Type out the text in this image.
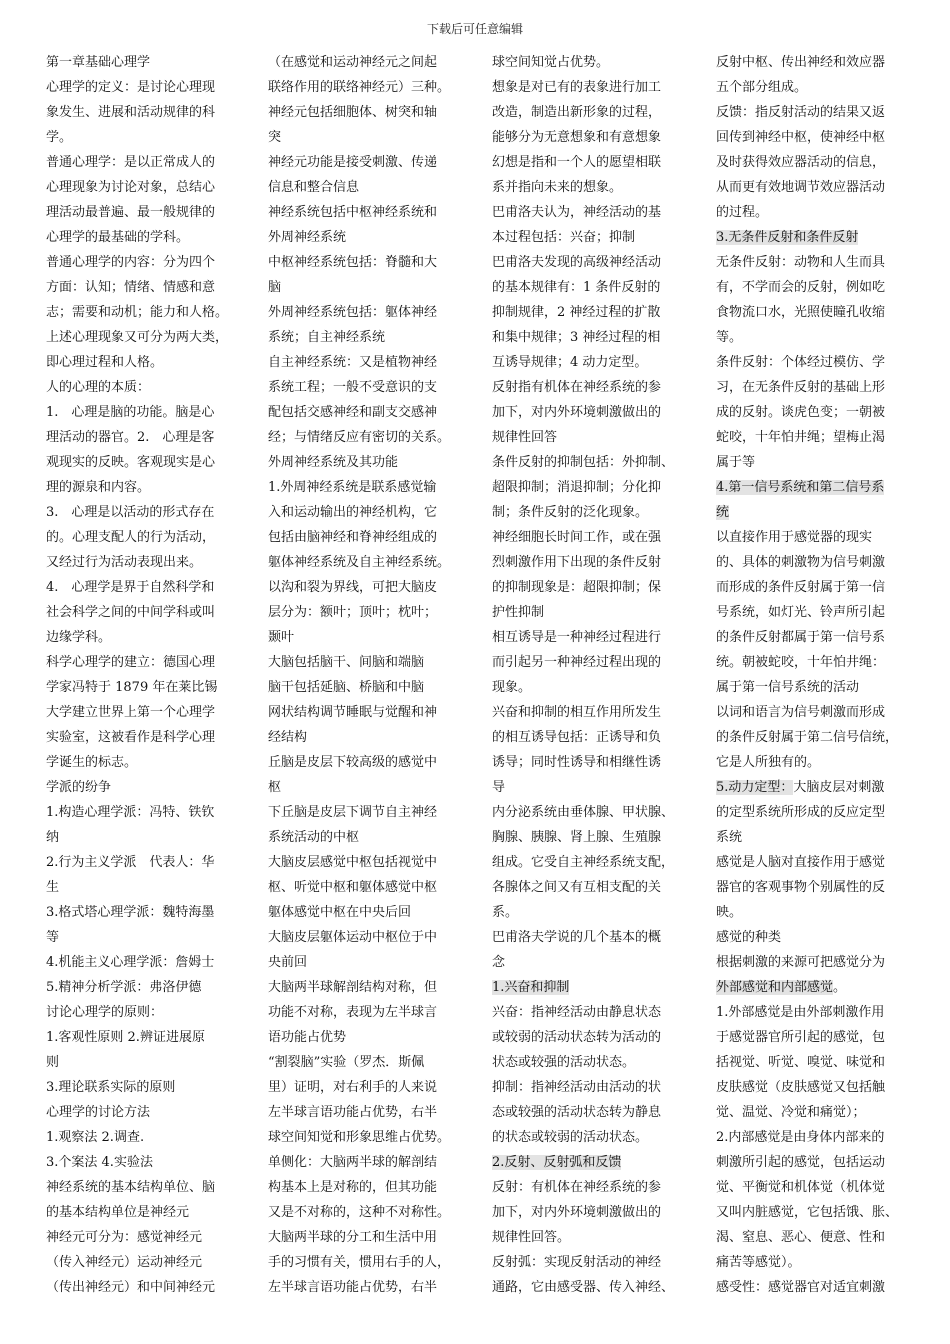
下载后可任意编辑
第一章基础心理学
心理学的定义：是讨论心理现
象发生、进展和活动规律的科
学。
普通心理学：是以正常成人的
心理现象为讨论对象，总结心
理活动最普遍、最一般规律的
心理学的最基础的学科。
普通心理学的内容：分为四个
方面：认知；情绪、情感和意
志；需要和动机；能力和人格。
上述心理现象又可分为两大类，
即心理过程和人格。
人的心理的本质：
1.　心理是脑的功能。脑是心
理活动的器官。2.　心理是客
观现实的反映。客观现实是心
理的源泉和内容。
3.　心理是以活动的形式存在
的。心理支配人的行为活动，
又经过行为活动表现出来。
4.　心理学是界于自然科学和
社会科学之间的中间学科或叫
边缘学科。
科学心理学的建立：德国心理
学家冯特于 1879 年在莱比锡
大学建立世界上第一个心理学
实验室，这被看作是科学心理
学诞生的标志。
学派的纷争
1.构造心理学派：冯特、铁钦
纳
2.行为主义学派　代表人：华
生
3.格式塔心理学派：魏特海墨
等
4.机能主义心理学派：詹姆士
5.精神分析学派：弗洛伊德
讨论心理学的原则：
1.客观性原则 2.辨证进展原
则
3.理论联系实际的原则
心理学的讨论方法
1.观察法 2.调查.
3.个案法 4.实验法
神经系统的基本结构单位、脑
的基本结构单位是神经元
神经元可分为：感觉神经元
（传入神经元）运动神经元
（传出神经元）和中间神经元
（在感觉和运动神经元之间起
联络作用的联络神经元）三种。
神经元包括细胞体、树突和轴
突
神经元功能是接受刺激、传递
信息和整合信息
神经系统包括中枢神经系统和
外周神经系统
中枢神经系统包括：脊髓和大
脑
外周神经系统包括：躯体神经
系统；自主神经系统
自主神经系统：又是植物神经
系统工程；一般不受意识的支
配包括交感神经和副支交感神
经；与情绪反应有密切的关系。
外周神经系统及其功能
1.外周神经系统是联系感觉输
入和运动输出的神经机构，它
包括由脑神经和脊神经组成的
躯体神经系统及自主神经系统。
以沟和裂为界线，可把大脑皮
层分为：额叶；顶叶；枕叶；
颞叶
大脑包括脑干、间脑和端脑
脑干包括延脑、桥脑和中脑
网状结构调节睡眠与觉醒和神
经结构
丘脑是皮层下较高级的感觉中
枢
下丘脑是皮层下调节自主神经
系统活动的中枢
大脑皮层感觉中枢包括视觉中
枢、听觉中枢和躯体感觉中枢
躯体感觉中枢在中央后回
大脑皮层躯体运动中枢位于中
央前回
大脑两半球解剖结构对称，但
功能不对称，表现为左半球言
语功能占优势
“割裂脑”实验（罗杰．斯佩
里）证明，对右利手的人来说
左半球言语功能占优势，右半
球空间知觉和形象思维占优势。
单侧化：大脑两半球的解剖结
构基本上是对称的，但其功能
又是不对称的，这种不对称性。
大脑两半球的分工和生活中用
手的习惯有关，惯用右手的人，
左半球言语功能占优势，右半
球空间知觉占优势。
想象是对已有的表象进行加工
改造，制造出新形象的过程，
能够分为无意想象和有意想象
幻想是指和一个人的愿望相联
系并指向未来的想象。
巴甫洛夫认为，神经活动的基
本过程包括：兴奋；抑制
巴甫洛夫发现的高级神经活动
的基本规律有：1 条件反射的
抑制规律，2 神经过程的扩散
和集中规律；3 神经过程的相
互诱导规律；4 动力定型。
反射指有机体在神经系统的参
加下，对内外环境刺激做出的
规律性回答
条件反射的抑制包括：外抑制、
超限抑制；消退抑制；分化抑
制；条件反射的泛化现象。
神经细胞长时间工作，或在强
烈刺激作用下出现的条件反射
的抑制现象是：超限抑制；保
护性抑制
相互诱导是一种神经过程进行
而引起另一种神经过程出现的
现象。
兴奋和抑制的相互作用所发生
的相互诱导包括：正诱导和负
诱导；同时性诱导和相继性诱
导
内分泌系统由垂体腺、甲状腺、
胸腺、胰腺、肾上腺、生殖腺
组成。它受自主神经系统支配，
各腺体之间又有互相支配的关
系。
巴甫洛夫学说的几个基本的概
念
1.兴奋和抑制
兴奋：指神经活动由静息状态
或较弱的活动状态转为活动的
状态或较强的活动状态。
抑制：指神经活动由活动的状
态或较强的活动状态转为静息
的状态或较弱的活动状态。
2.反射、反射弧和反馈
反射：有机体在神经系统的参
加下，对内外环境刺激做出的
规律性回答。
反射弧：实现反射活动的神经
通路，它由感受器、传入神经、
反射中枢、传出神经和效应器
五个部分组成。
反馈：指反射活动的结果又返
回传到神经中枢，使神经中枢
及时获得效应器活动的信息，
从而更有效地调节效应器活动
的过程。
3.无条件反射和条件反射
无条件反射：动物和人生而具
有，不学而会的反射，例如吃
食物流口水，光照使瞳孔收缩
等。
条件反射：个体经过模仿、学
习，在无条件反射的基础上形
成的反射。谈虎色变；一朝被
蛇咬，十年怕井绳；望梅止渴
属于等
4.第一信号系统和第二信号系
统
以直接作用于感觉器的现实
的、具体的刺激物为信号刺激
而形成的条件反射属于第一信
号系统，如灯光、铃声所引起
的条件反射都属于第一信号系
统。朝被蛇咬，十年怕井绳：
属于第一信号系统的活动
以词和语言为信号刺激而形成
的条件反射属于第二信号信统，
它是人所独有的。
5.动力定型：大脑皮层对刺激
的定型系统所形成的反应定型
系统
感觉是人脑对直接作用于感觉
器官的客观事物个别属性的反
映。
感觉的种类
根据刺激的来源可把感觉分为
外部感觉和内部感觉。
1.外部感觉是由外部刺激作用
于感觉器官所引起的感觉，包
括视觉、听觉、嗅觉、味觉和
皮肤感觉（皮肤感觉又包括触
觉、温觉、冷觉和痛觉）；
2.内部感觉是由身体内部来的
刺激所引起的感觉，包括运动
觉、平衡觉和机体觉（机体觉
又叫内脏感觉，它包括饿、胀、
渴、窒息、恶心、便意、性和
痛苦等感觉）。
感受性：感觉器官对适宜刺激
